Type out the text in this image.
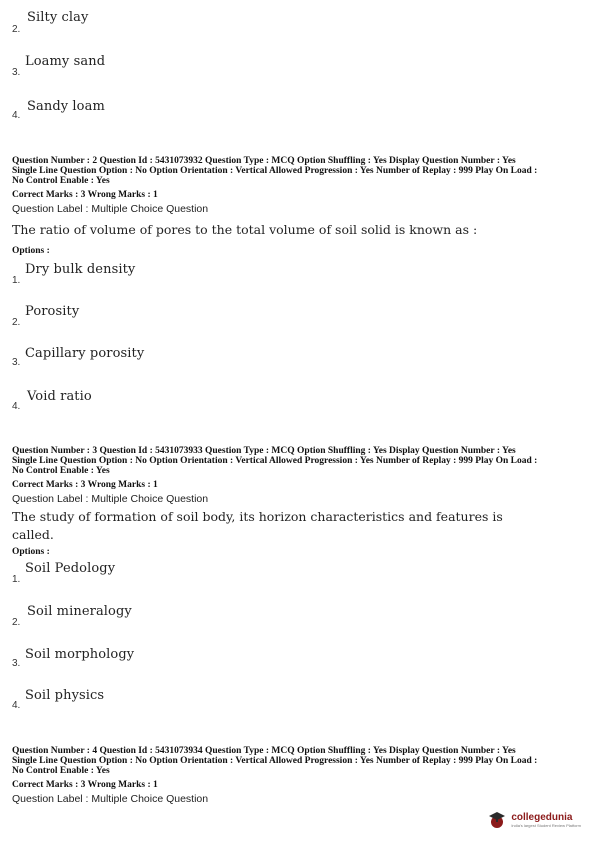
Silty clay
2.
Loamy sand
3.
Sandy loam
4.
Question Number : 2 Question Id : 5431073932 Question Type : MCQ Option Shuffling : Yes Display Question Number : Yes
Single Line Question Option : No Option Orientation : Vertical Allowed Progression : Yes Number of Replay : 999 Play On Load :
No Control Enable : Yes
Correct Marks : 3 Wrong Marks : 1
Question Label : Multiple Choice Question
The ratio of volume of pores to the total volume of soil solid is known as :
Options :
Dry bulk density
1.
Porosity
2.
Capillary porosity
3.
Void ratio
4.
Question Number : 3 Question Id : 5431073933 Question Type : MCQ Option Shuffling : Yes Display Question Number : Yes
Single Line Question Option : No Option Orientation : Vertical Allowed Progression : Yes Number of Replay : 999 Play On Load :
No Control Enable : Yes
Correct Marks : 3 Wrong Marks : 1
Question Label : Multiple Choice Question
The study of formation of soil body, its horizon characteristics and features is
called.
Options :
Soil Pedology
1.
Soil mineralogy
2.
Soil morphology
3.
Soil physics
4.
Question Number : 4 Question Id : 5431073934 Question Type : MCQ Option Shuffling : Yes Display Question Number : Yes
Single Line Question Option : No Option Orientation : Vertical Allowed Progression : Yes Number of Replay : 999 Play On Load :
No Control Enable : Yes
Correct Marks : 3 Wrong Marks : 1
Question Label : Multiple Choice Question
collegedunia
India's largest Student Review Platform
